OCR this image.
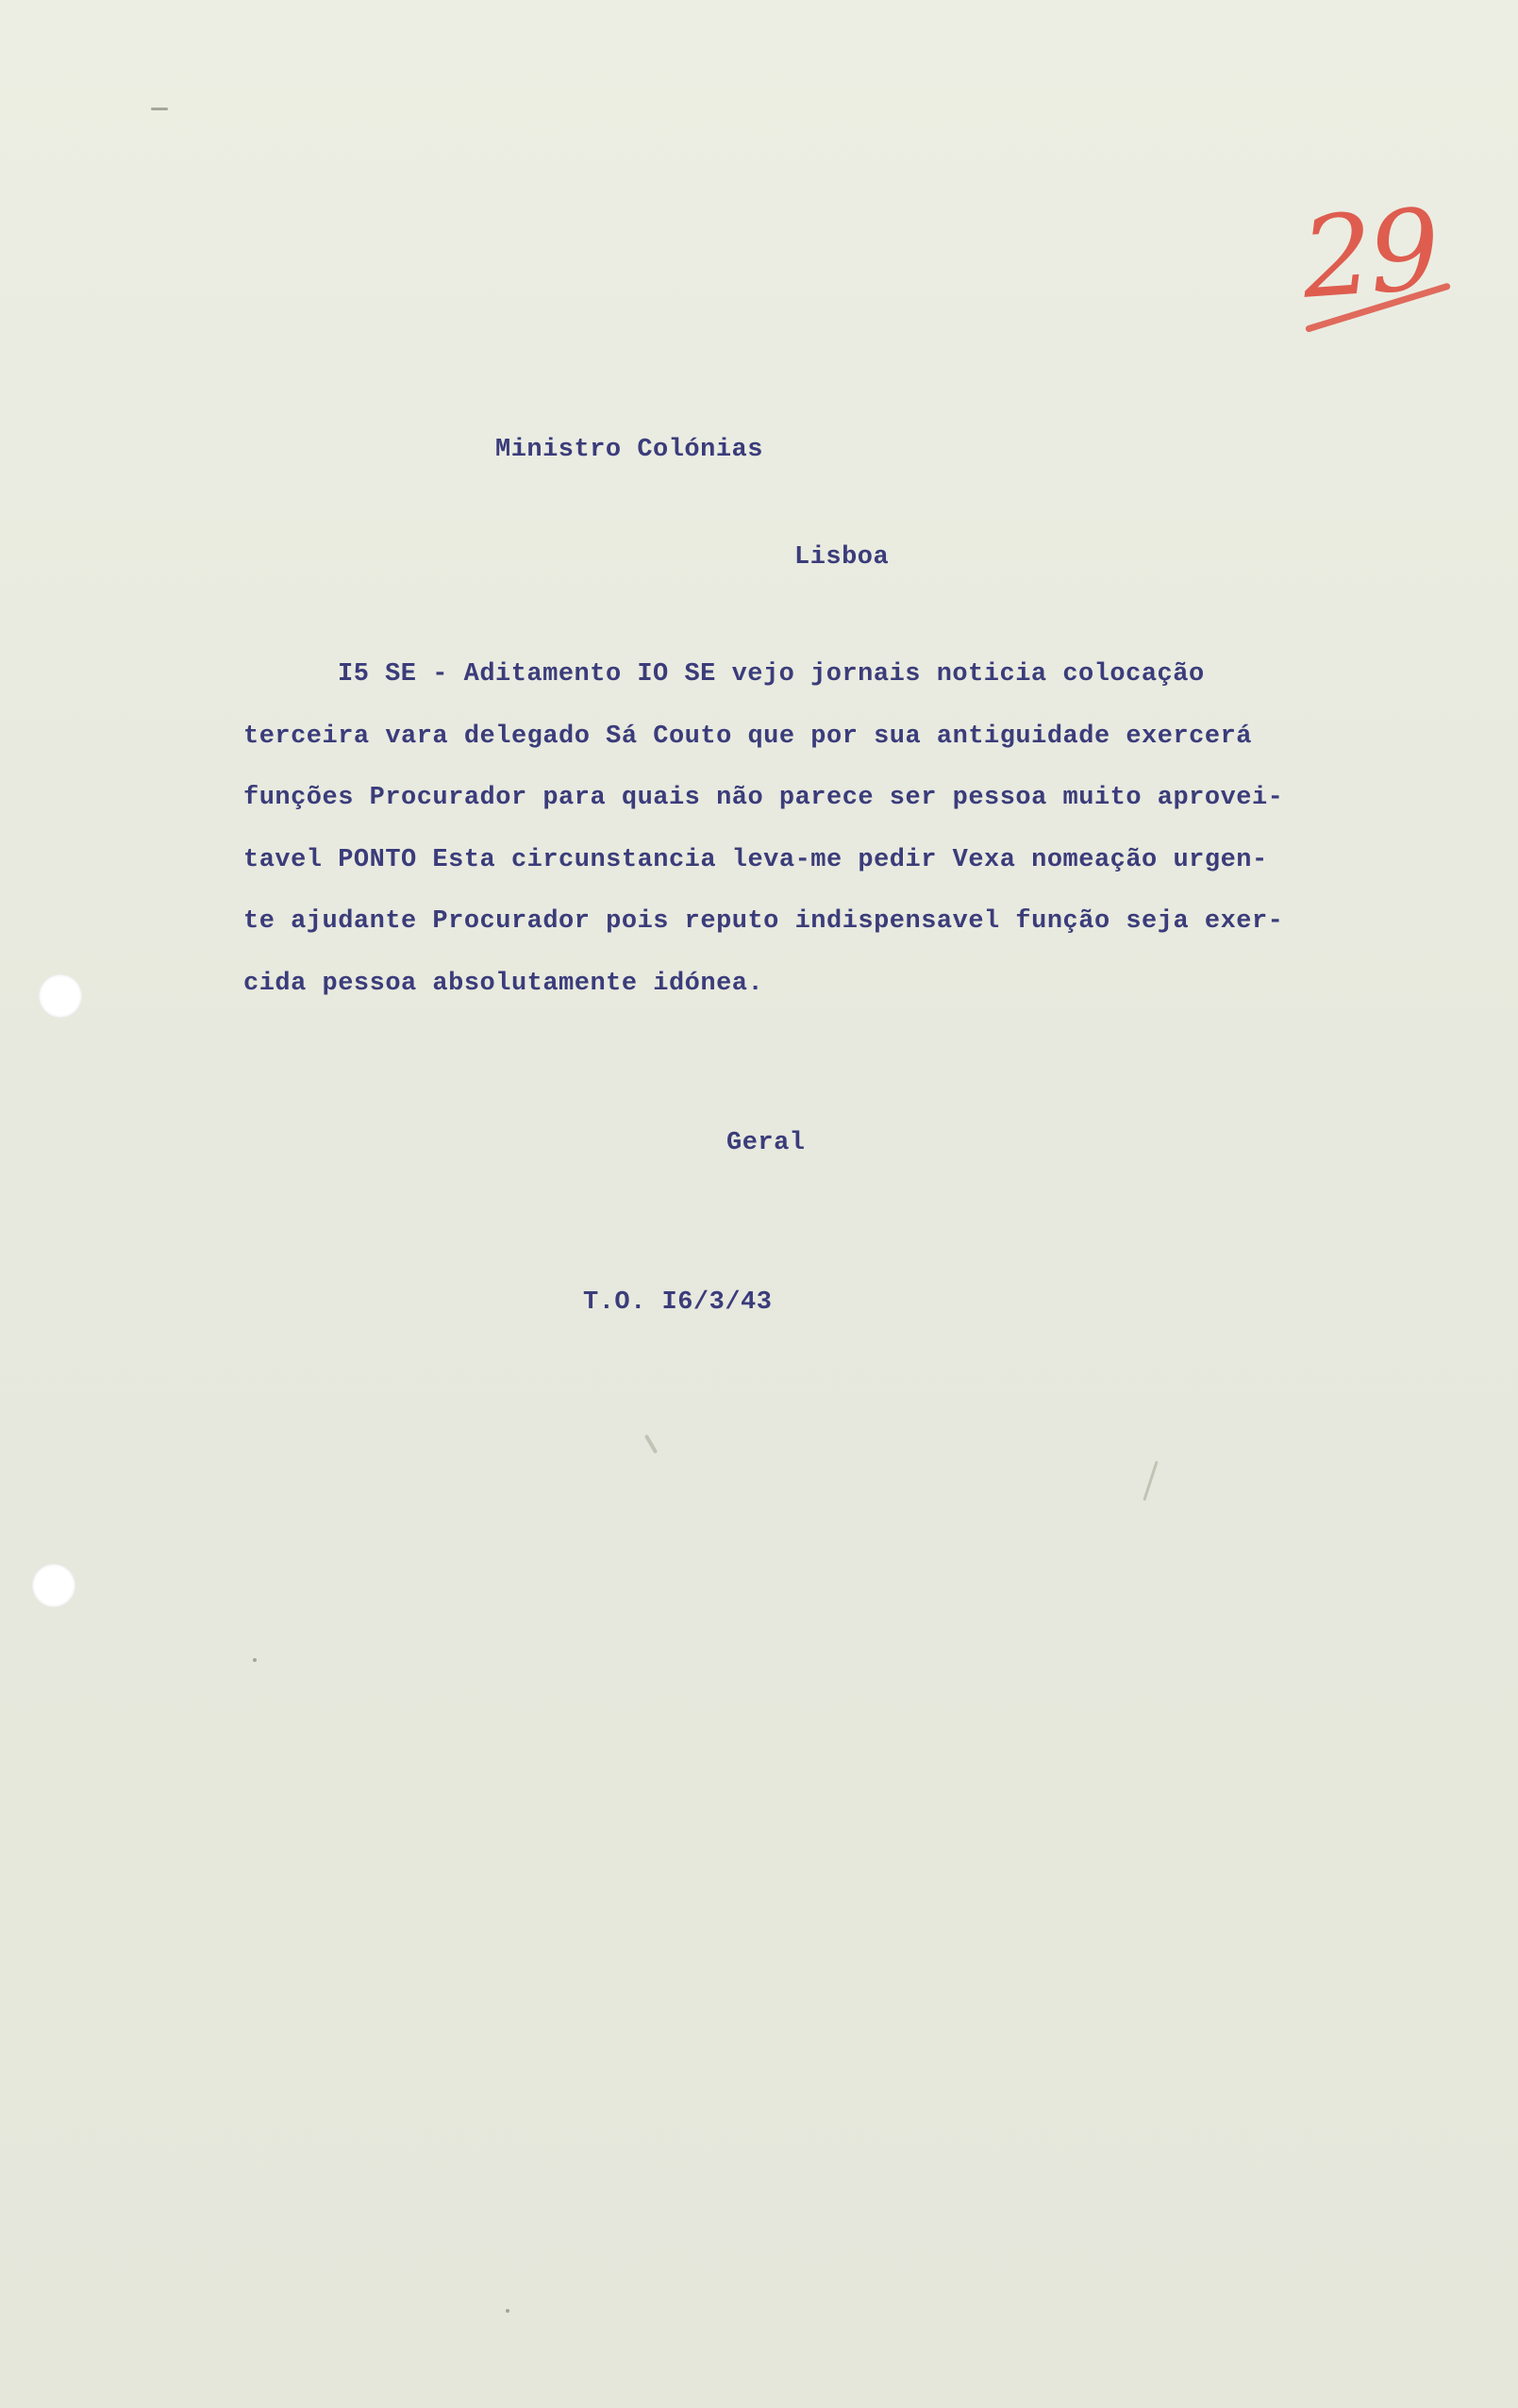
29
Ministro Colónias
Lisboa
I5 SE - Aditamento IO SE vejo jornais noticia colocação
terceira vara delegado Sá Couto que por sua antiguidade exercerá
funções Procurador para quais não parece ser pessoa muito aprovei-
tavel PONTO Esta circunstancia leva-me pedir Vexa nomeação urgen-
te ajudante Procurador pois reputo indispensavel função seja exer-
cida pessoa absolutamente idónea.
Geral
T.O. I6/3/43
